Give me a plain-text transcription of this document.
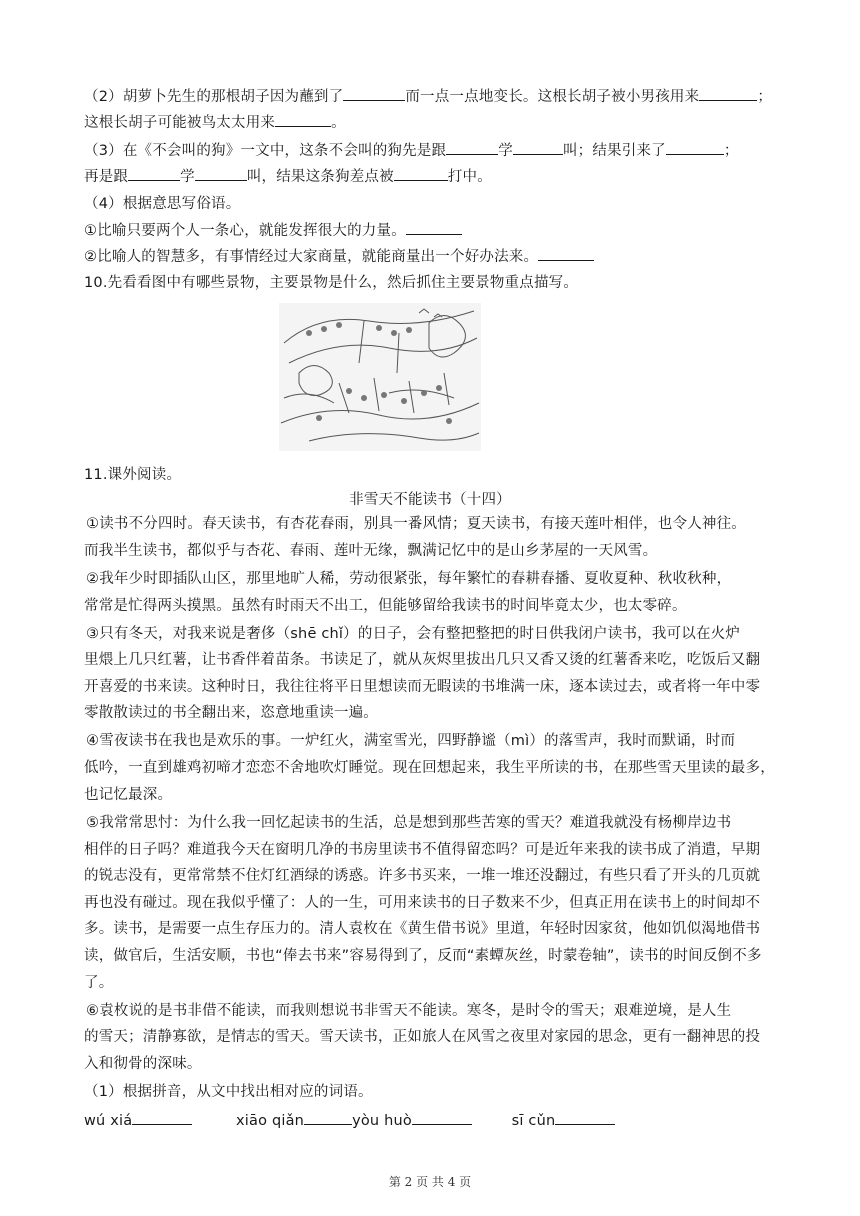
（2）胡萝卜先生的那根胡子因为蘸到了	而一点一点地变长。这根长胡子被小男孩用来	；
这根长胡子可能被鸟太太用来	。
（3）在《不会叫的狗》一文中，这条不会叫的狗先是跟	学	叫；结果引来了	；
再是跟	学	叫，结果这条狗差点被	打中。
（4）根据意思写俗语。
①比喻只要两个人一条心，就能发挥很大的力量。
②比喻人的智慧多，有事情经过大家商量，就能商量出一个好办法来。
10.先看看图中有哪些景物，主要景物是什么，然后抓住主要景物重点描写。
11.课外阅读。
非雪天不能读书（十四）
①读书不分四时。春天读书，有杏花春雨，别具一番风情；夏天读书，有接天莲叶相伴，也令人神往。
而我半生读书，都似乎与杏花、春雨、莲叶无缘，飘满记忆中的是山乡茅屋的一天风雪。
②我年少时即插队山区，那里地旷人稀，劳动很紧张，每年繁忙的春耕春播、夏收夏种、秋收秋种，
常常是忙得两头摸黑。虽然有时雨天不出工，但能够留给我读书的时间毕竟太少，也太零碎。
③只有冬天，对我来说是奢侈（shē chǐ）的日子，会有整把整把的时日供我闭户读书，我可以在火炉
里煨上几只红薯，让书香伴着苗条。书读足了，就从灰烬里拔出几只又香又烫的红薯香来吃，吃饭后又翻
开喜爱的书来读。这种时日，我往往将平日里想读而无暇读的书堆满一床，逐本读过去，或者将一年中零
零散散读过的书全翻出来，恣意地重读一遍。
④雪夜读书在我也是欢乐的事。一炉红火，满室雪光，四野静谧（mì）的落雪声，我时而默诵，时而
低吟，一直到雄鸡初啼才恋恋不舍地吹灯睡觉。现在回想起来，我生平所读的书，在那些雪天里读的最多，
也记忆最深。
⑤我常常思忖：为什么我一回忆起读书的生活，总是想到那些苦寒的雪天？难道我就没有杨柳岸边书
相伴的日子吗？难道我今天在窗明几净的书房里读书不值得留恋吗？可是近年来我的读书成了消遣，早期
的锐志没有，更常常禁不住灯红酒绿的诱惑。许多书买来，一堆一堆还没翻过，有些只看了开头的几页就
再也没有碰过。现在我似乎懂了：人的一生，可用来读书的日子数来不少，但真正用在读书上的时间却不
多。读书，是需要一点生存压力的。清人袁枚在《黄生借书说》里道，年轻时因家贫，他如饥似渴地借书
读，做官后，生活安顺，书也“俸去书来”容易得到了，反而“素蟫灰丝，时蒙卷轴”，读书的时间反倒不多
了。
⑥袁枚说的是书非借不能读，而我则想说书非雪天不能读。寒冬，是时令的雪天；艰难逆境，是人生
的雪天；清静寡欲，是情志的雪天。雪天读书，正如旅人在风雪之夜里对家园的思念，更有一翻神思的投
入和彻骨的深味。
（1）根据拼音，从文中找出相对应的词语。
wú xiá	xiāo qiǎn	yòu huò	sī cǔn
第 2 页 共 4 页
